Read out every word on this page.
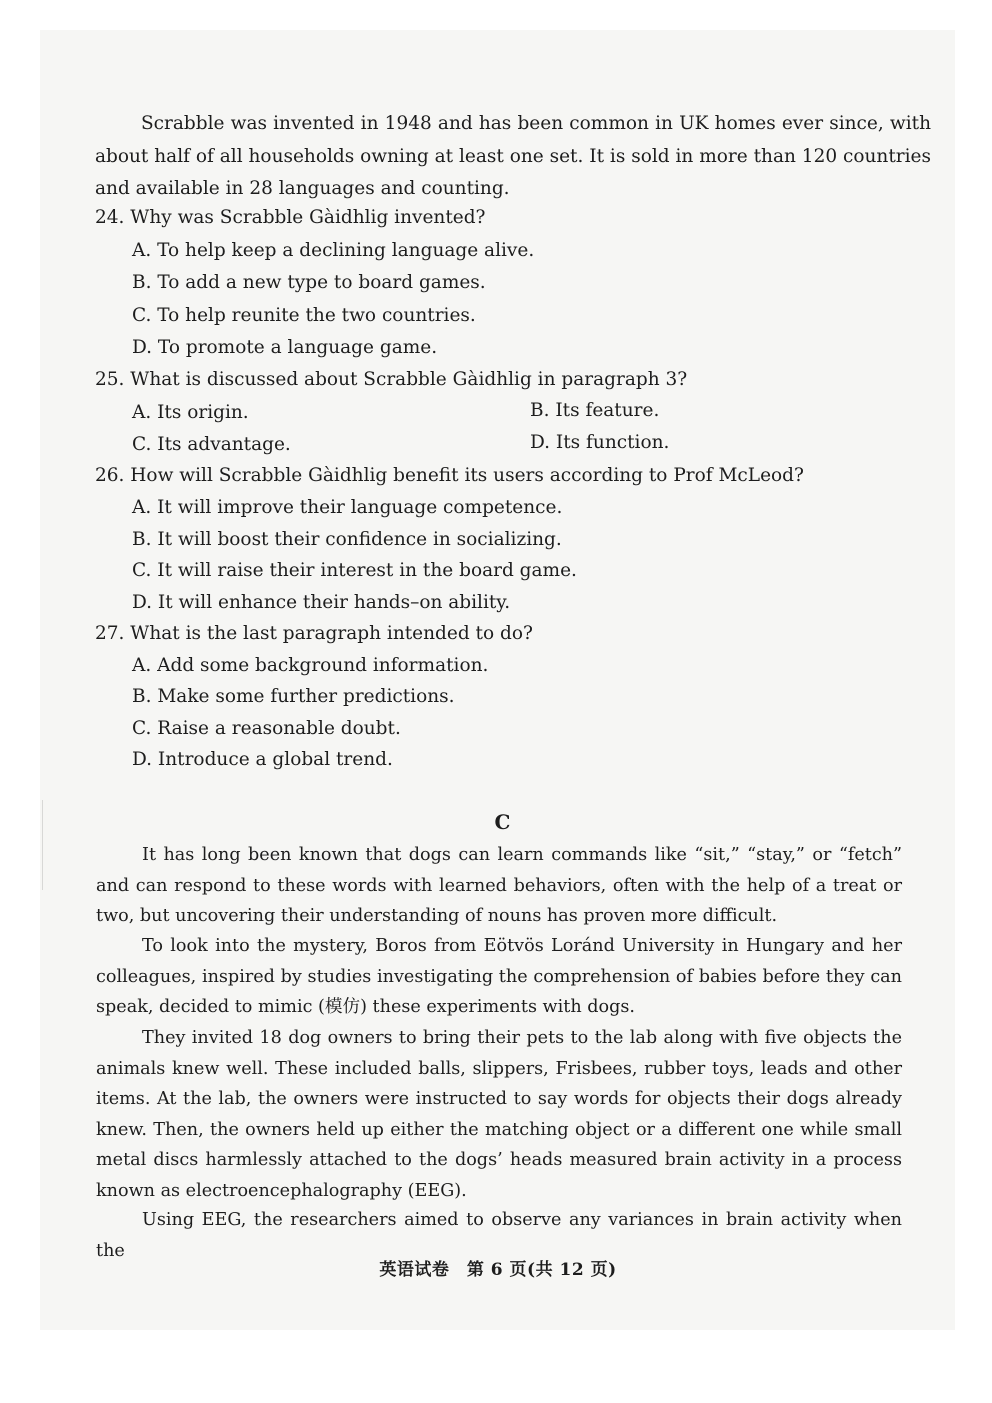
Scrabble was invented in 1948 and has been common in UK homes ever since, with about half of all households owning at least one set. It is sold in more than 120 countries and available in 28 languages and counting.

24. Why was Scrabble Gàidhlig invented?
A. To help keep a declining language alive.
B. To add a new type to board games.
C. To help reunite the two countries.
D. To promote a language game.
25. What is discussed about Scrabble Gàidhlig in paragraph 3?
A. Its origin.	B. Its feature.
C. Its advantage.	D. Its function.
26. How will Scrabble Gàidhlig benefit its users according to Prof McLeod?
A. It will improve their language competence.
B. It will boost their confidence in socializing.
C. It will raise their interest in the board game.
D. It will enhance their hands–on ability.
27. What is the last paragraph intended to do?
A. Add some background information.
B. Make some further predictions.
C. Raise a reasonable doubt.
D. Introduce a global trend.
C

It has long been known that dogs can learn commands like “sit,” “stay,” or “fetch” and can respond to these words with learned behaviors, often with the help of a treat or two, but uncovering their understanding of nouns has proven more difficult.

To look into the mystery, Boros from Eötvös Loránd University in Hungary and her colleagues, inspired by studies investigating the comprehension of babies before they can speak, decided to mimic (模仿) these experiments with dogs.

They invited 18 dog owners to bring their pets to the lab along with five objects the animals knew well. These included balls, slippers, Frisbees, rubber toys, leads and other items. At the lab, the owners were instructed to say words for objects their dogs already knew. Then, the owners held up either the matching object or a different one while small metal discs harmlessly attached to the dogs’ heads measured brain activity in a process known as electroencephalography (EEG).

Using EEG, the researchers aimed to observe any variances in brain activity when the

英语试卷　第 6 页(共 12 页)
